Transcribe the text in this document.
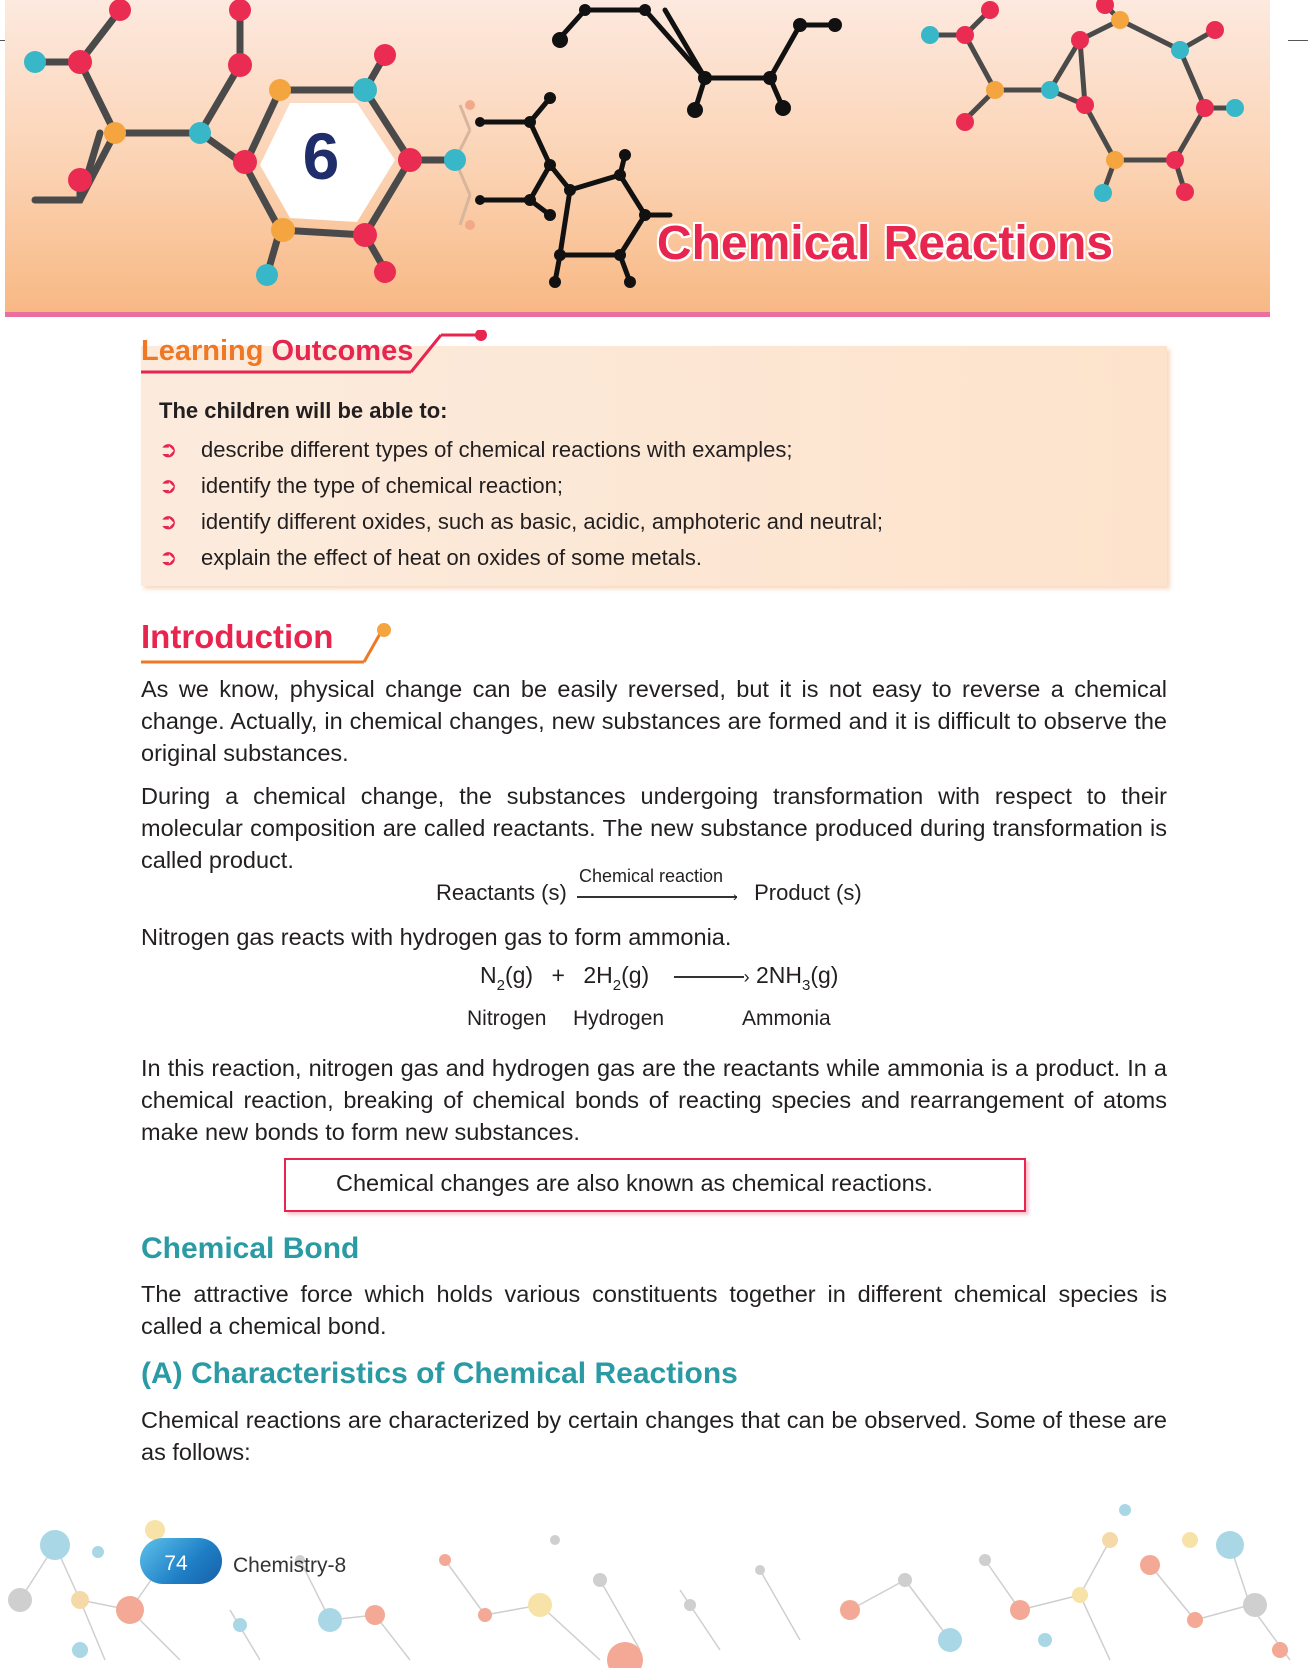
6
Chemical Reactions
Learning Outcomes
The children will be able to:
➲ describe different types of chemical reactions with examples;
➲ identify the type of chemical reaction;
➲ identify different oxides, such as basic, acidic, amphoteric and neutral;
➲ explain the effect of heat on oxides of some metals.
Introduction

As we know, physical change can be easily reversed, but it is not easy to reverse a chemical change. Actually, in chemical changes, new substances are formed and it is difficult to observe the original substances.

During a chemical change, the substances undergoing transformation with respect to their molecular composition are called reactants. The new substance produced during transformation is called product.

Reactants (s)
Chemical reaction
› Product (s)

Nitrogen gas reacts with hydrogen gas to form ammonia.

$N_2(g) + 2H_2(g)$	› $2NH_3(g)$
Nitrogen Hydrogen	Ammonia

In this reaction, nitrogen gas and hydrogen gas are the reactants while ammonia is a product. In a chemical reaction, breaking of chemical bonds of reacting species and rearrangement of atoms make new bonds to form new substances.

Chemical changes are also known as chemical reactions.
Chemical Bond

The attractive force which holds various constituents together in different chemical species is called a chemical bond.

(A) Characteristics of Chemical Reactions

Chemical reactions are characterized by certain changes that can be observed. Some of these are as follows:

74	Chemistry-8
